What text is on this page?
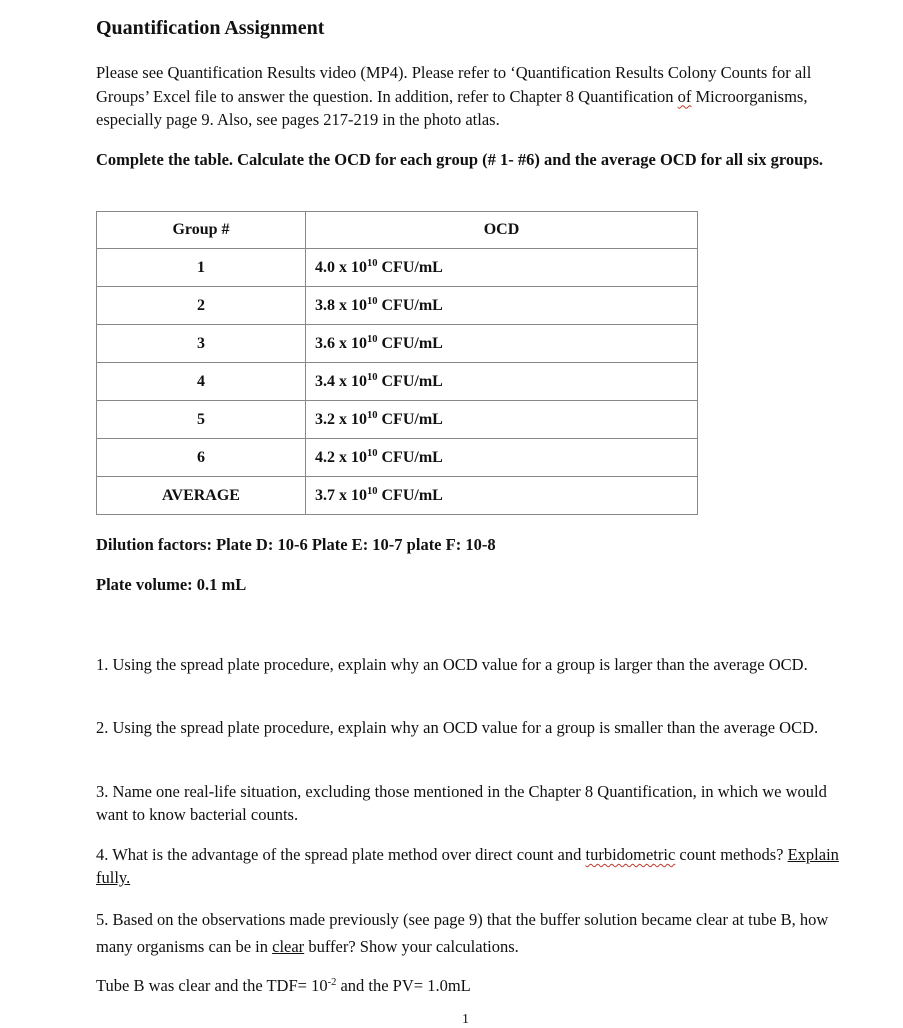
Quantification Assignment
Please see Quantification Results video (MP4). Please refer to ‘Quantification Results Colony Counts for all Groups’ Excel file to answer the question. In addition, refer to Chapter 8 Quantification of Microorganisms, especially page 9. Also, see pages 217-219 in the photo atlas.
Complete the table. Calculate the OCD for each group (# 1- #6) and the average OCD for all six groups.
Group #	OCD
1	4.0 x $10^{10}$ CFU/mL
2	3.8 x $10^{10}$ CFU/mL
3	3.6 x $10^{10}$ CFU/mL
4	3.4 x $10^{10}$ CFU/mL
5	3.2 x $10^{10}$ CFU/mL
6	4.2 x $10^{10}$ CFU/mL
AVERAGE	3.7 x $10^{10}$ CFU/mL
Dilution factors: Plate D: 10-6 Plate E: 10-7 plate F: 10-8
Plate volume: 0.1 mL
1. Using the spread plate procedure, explain why an OCD value for a group is larger than the average OCD.
2. Using the spread plate procedure, explain why an OCD value for a group is smaller than the average OCD.
3. Name one real-life situation, excluding those mentioned in the Chapter 8 Quantification, in which we would want to know bacterial counts.
4. What is the advantage of the spread plate method over direct count and turbidometric count methods? Explain fully.
5. Based on the observations made previously (see page 9) that the buffer solution became clear at tube B, how many organisms can be in clear buffer? Show your calculations.
Tube B was clear and the $TDF= 10^{-2}$ and the PV= 1.0mL
1
